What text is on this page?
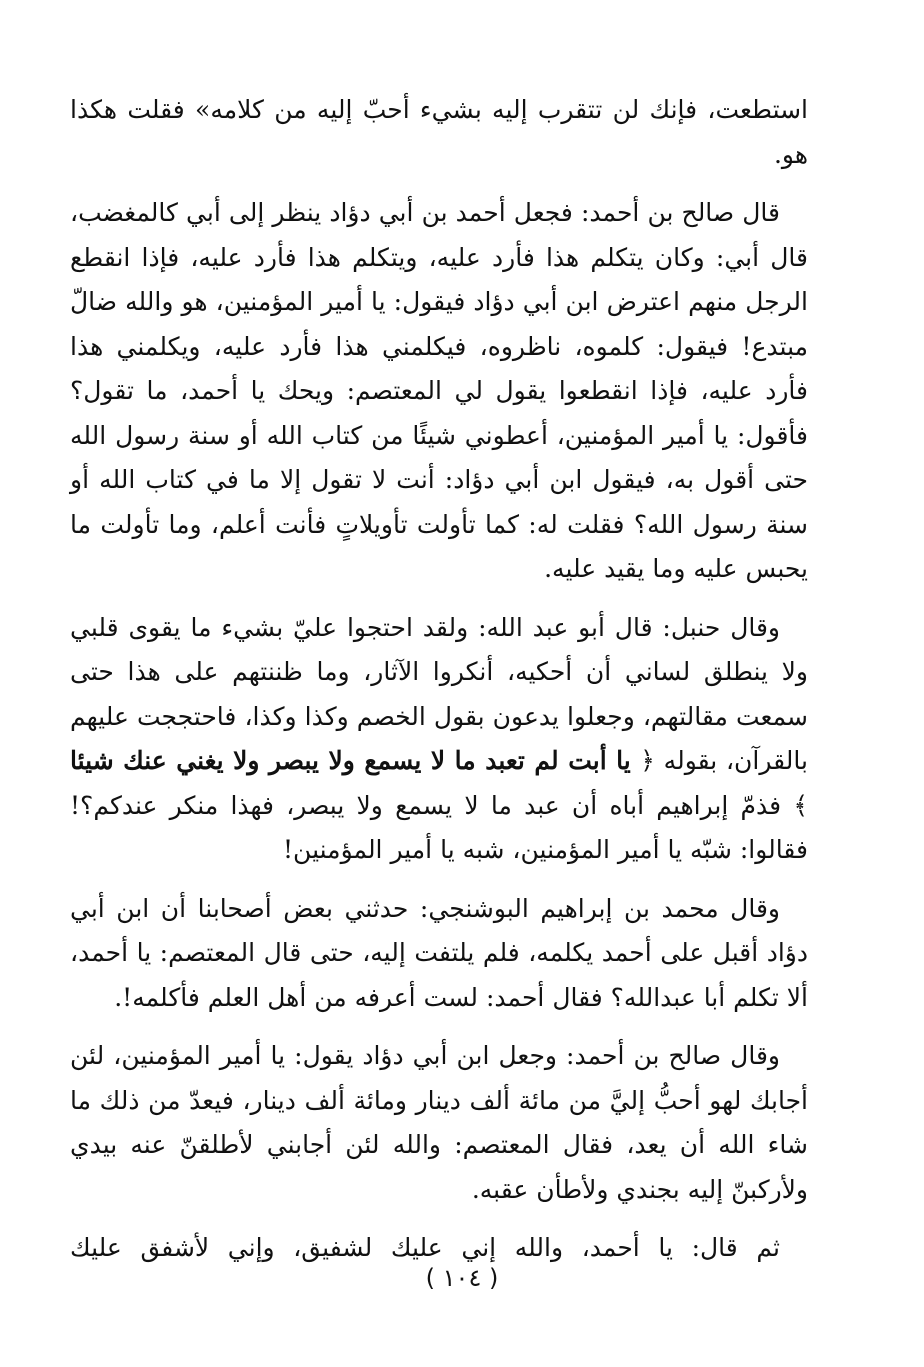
استطعت، فإنك لن تتقرب إليه بشيء أحبّ إليه من كلامه» فقلت هكذا هو.

قال صالح بن أحمد: فجعل أحمد بن أبي دؤاد ينظر إلى أبي كالمغضب، قال أبي: وكان يتكلم هذا فأرد عليه، ويتكلم هذا فأرد عليه، فإذا انقطع الرجل منهم اعترض ابن أبي دؤاد فيقول: يا أمير المؤمنين، هو والله ضالّ مبتدع! فيقول: كلموه، ناظروه، فيكلمني هذا فأرد عليه، ويكلمني هذا فأرد عليه، فإذا انقطعوا يقول لي المعتصم: ويحك يا أحمد، ما تقول؟ فأقول: يا أمير المؤمنين، أعطوني شيئًا من كتاب الله أو سنة رسول الله حتى أقول به، فيقول ابن أبي دؤاد: أنت لا تقول إلا ما في كتاب الله أو سنة رسول الله؟ فقلت له: كما تأولت تأويلاتٍ فأنت أعلم، وما تأولت ما يحبس عليه وما يقيد عليه.

وقال حنبل: قال أبو عبد الله: ولقد احتجوا عليّ بشيء ما يقوى قلبي ولا ينطلق لساني أن أحكيه، أنكروا الآثار، وما ظننتهم على هذا حتى سمعت مقالتهم، وجعلوا يدعون بقول الخصم وكذا وكذا، فاحتججت عليهم بالقرآن، بقوله ﴿ يا أبت لم تعبد ما لا يسمع ولا يبصر ولا يغني عنك شيئا ﴾ فذمّ إبراهيم أباه أن عبد ما لا يسمع ولا يبصر، فهذا منكر عندكم؟! فقالوا: شبّه يا أمير المؤمنين، شبه يا أمير المؤمنين!

وقال محمد بن إبراهيم البوشنجي: حدثني بعض أصحابنا أن ابن أبي دؤاد أقبل على أحمد يكلمه، فلم يلتفت إليه، حتى قال المعتصم: يا أحمد، ألا تكلم أبا عبدالله؟ فقال أحمد: لست أعرفه من أهل العلم فأكلمه!.

وقال صالح بن أحمد: وجعل ابن أبي دؤاد يقول: يا أمير المؤمنين، لئن أجابك لهو أحبُّ إليَّ من مائة ألف دينار ومائة ألف دينار، فيعدّ من ذلك ما شاء الله أن يعد، فقال المعتصم: والله لئن أجابني لأطلقنّ عنه بيدي ولأركبنّ إليه بجندي ولأطأن عقبه.

ثم قال: يا أحمد، والله إني عليك لشفيق، وإني لأشفق عليك

( ١٠٤ )
